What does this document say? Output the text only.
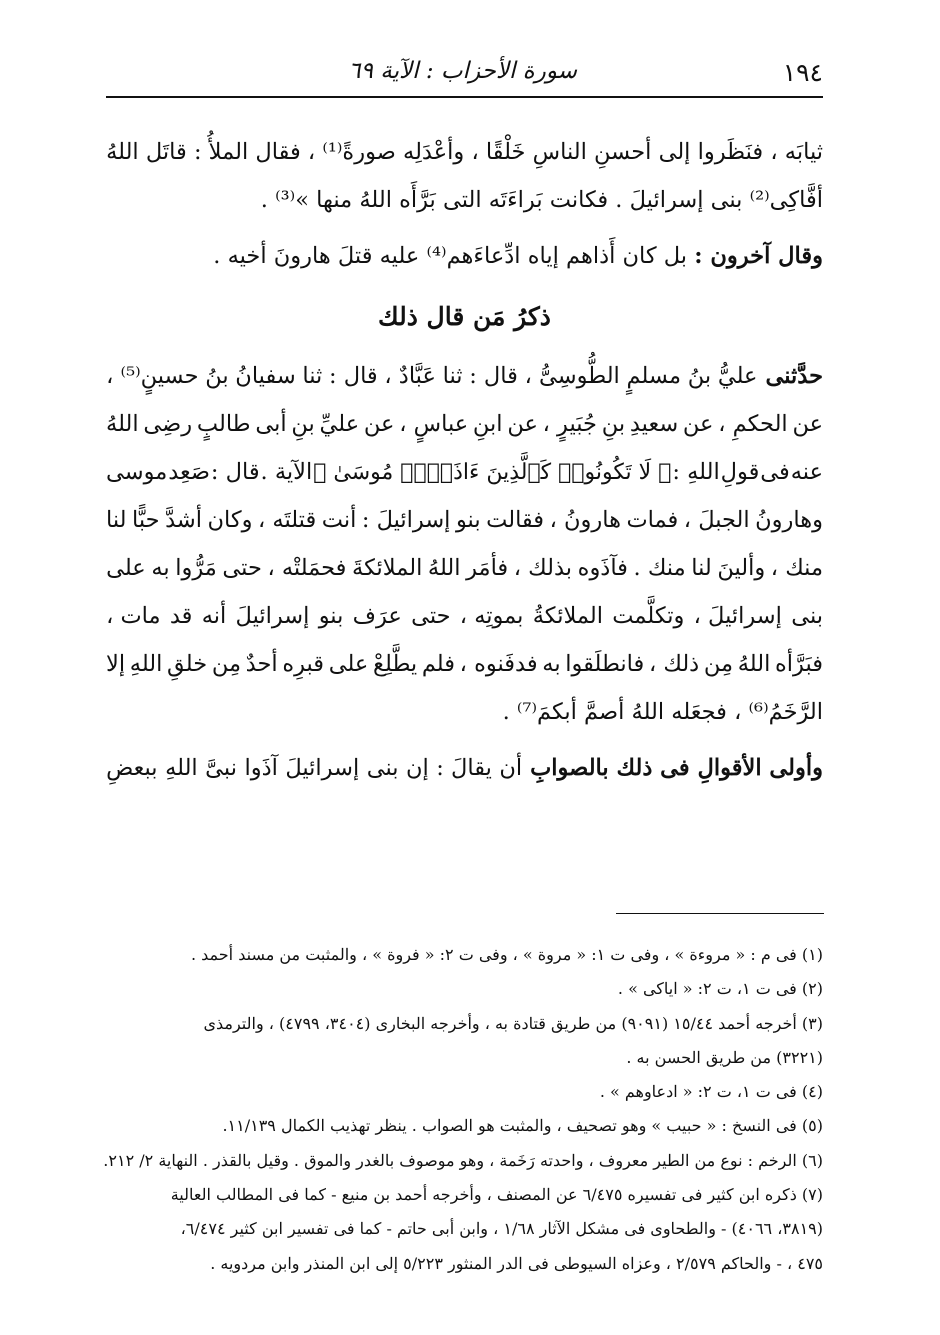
١٩٤
سورة الأحزاب : الآية ٦٩
ثيابَه ،
فنَظَروا
إلى
أحسنِ
الناسِ
خَلْقًا ،
وأعْدَلِه
صورةً⁽¹⁾ ،
فقال
الملأُ :
قاتَل
اللهُ
أفَّاكِى⁽²⁾ بنى إسرائيلَ . فكانت بَراءَتَه التى بَرَّأَه اللهُ منها »⁽³⁾ .
وقال آخرون :

بل كان أَذاهم إياه ادِّعاءَهم⁽⁴⁾ عليه قتلَ هارونَ أخيه .
ذكرُ مَن قال ذلك
حدَّثنى
عليُّ
بنُ
مسلمٍ
الطُّوسِىُّ ،
قال :
ثنا
عَبَّادٌ ،
قال :
ثنا
سفيانُ
بنُ
حسينٍ⁽⁵⁾ ،
عن
الحكمِ ،
عن
سعيدِ
بنِ
جُبَيرٍ ،
عن
ابنِ
عباسٍ ،
عن
عليِّ
بنِ
أبى
طالبٍ
رضِى
اللهُ
عنه
فى
قولِ
اللهِ :
﴿ لَا تَكُونُوا۟ كَٱلَّذِينَ ءَاذَوۡا۟ مُوسَىٰ ﴾
الآية .
قال :
صَعِد
موسى
وهارونُ
الجبلَ ،
فمات
هارونُ ،
فقالت
بنو
إسرائيلَ :
أنت
قتلتَه ،
وكان
أشدَّ
حبًّا
لنا
منك ،
وألينَ
لنا
منك .
فآذَوه
بذلك ،
فأمَر
اللهُ
الملائكةَ
فحمَلتْه ،
حتى
مَرُّوا
به
على
بنى
إسرائيلَ ،
وتكلَّمت
الملائكةُ
بموتِه ،
حتى
عرَف
بنو
إسرائيلَ
أنه
قد
مات ،
فبَرَّأه
اللهُ
مِن
ذلك ،
فانطلَقوا
به
فدفَنوه ،
فلم
يطَّلِعْ
على
قبرِه
أحدٌ
مِن
خلقِ
اللهِ
إلا
الرَّخَمُ⁽⁶⁾ ، فجعَله اللهُ أصمَّ أبكمَ⁽⁷⁾ .
وأولى الأقوالِ فى ذلك بالصوابِ
أن
يقالَ :
إن
بنى
إسرائيلَ
آذَوا
نبىَّ
اللهِ
ببعضِ
(١) فى م : « مروءة » ، وفى ت ١: « مروة » ، وفى ت ٢: « فروة » ، والمثبت من مسند أحمد .
(٢) فى ت ١، ت ٢: « اياكى » .
(٣) أخرجه أحمد ١٥/٤٤ (٩٠٩١) من طريق قتادة به ، وأخرجه البخارى (٣٤٠٤، ٤٧٩٩) ، والترمذى
(٣٢٢١) من طريق الحسن به .
(٤) فى ت ١، ت ٢: « ادعاوهم » .
(٥) فى النسخ : « حبيب » وهو تصحيف ، والمثبت هو الصواب . ينظر تهذيب الكمال ١١/١٣٩.
(٦) الرخم : نوع من الطير معروف ، واحدته رَخَمة ، وهو موصوف بالغدر والموق . وقيل بالقذر . النهاية ٢/ ٢١٢.
(٧) ذكره ابن كثير فى تفسيره ٦/٤٧٥ عن المصنف ، وأخرجه أحمد بن منيع - كما فى المطالب العالية
(٣٨١٩، ٤٠٦٦) - والطحاوى فى مشكل الآثار ١/٦٨ ، وابن أبى حاتم - كما فى تفسير ابن كثير ٦/٤٧٤،
٤٧٥ ، - والحاكم ٢/٥٧٩ ، وعزاه السيوطى فى الدر المنثور ٥/٢٢٣ إلى ابن المنذر وابن مردويه .
